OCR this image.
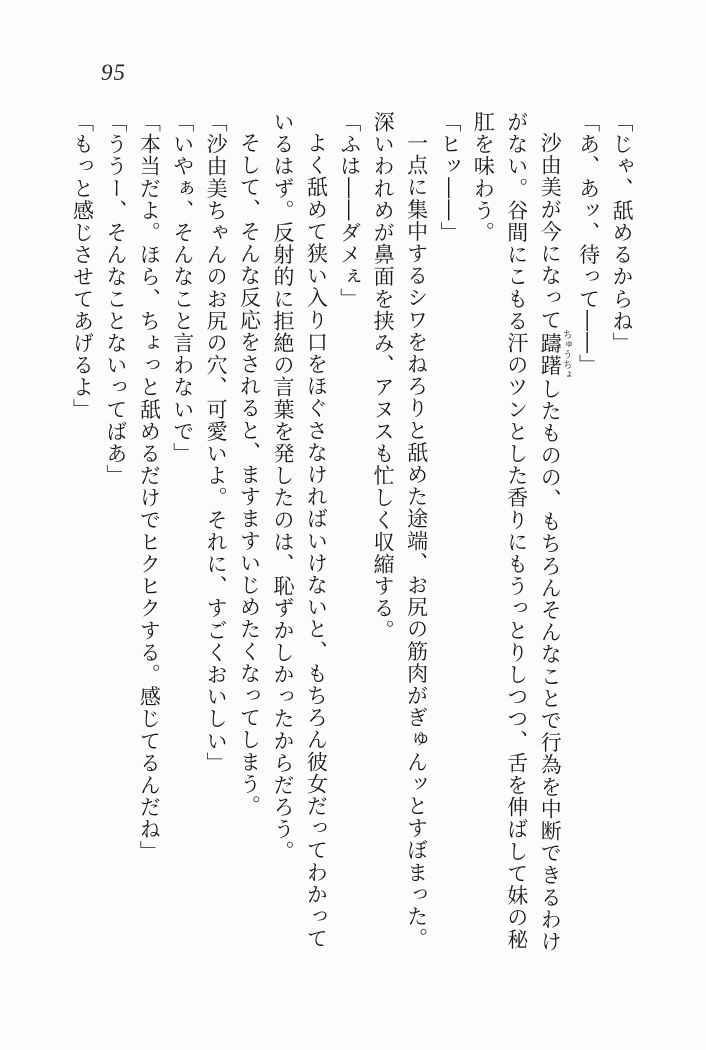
95

「じゃ、舐めるからね」

「あ、あッ、待って――」

沙由美が今になって躊躇ちゅうちょしたものの、もちろんそんなことで行為を中断できるわけがない。谷間にこもる汗のツンとした香りにもうっとりしつつ、舌を伸ばして妹の秘肛を味わう。

「ヒッ――」

一点に集中するシワをねろりと舐めた途端、お尻の筋肉がぎゅんッとすぼまった。深いわれめが鼻面を挟み、アヌスも忙しく収縮する。

「ふは――ダメぇ」

よく舐めて狭い入り口をほぐさなければいけないと、もちろん彼女だってわかっているはず。反射的に拒絶の言葉を発したのは、恥ずかしかったからだろう。

そして、そんな反応をされると、ますますいじめたくなってしまう。

「沙由美ちゃんのお尻の穴、可愛いよ。それに、すごくおいしい」

「いやぁ、そんなこと言わないで」

「本当だよ。ほら、ちょっと舐めるだけでヒクヒクする。感じてるんだね」

「ううー、そんなことないってばあ」

「もっと感じさせてあげるよ」
